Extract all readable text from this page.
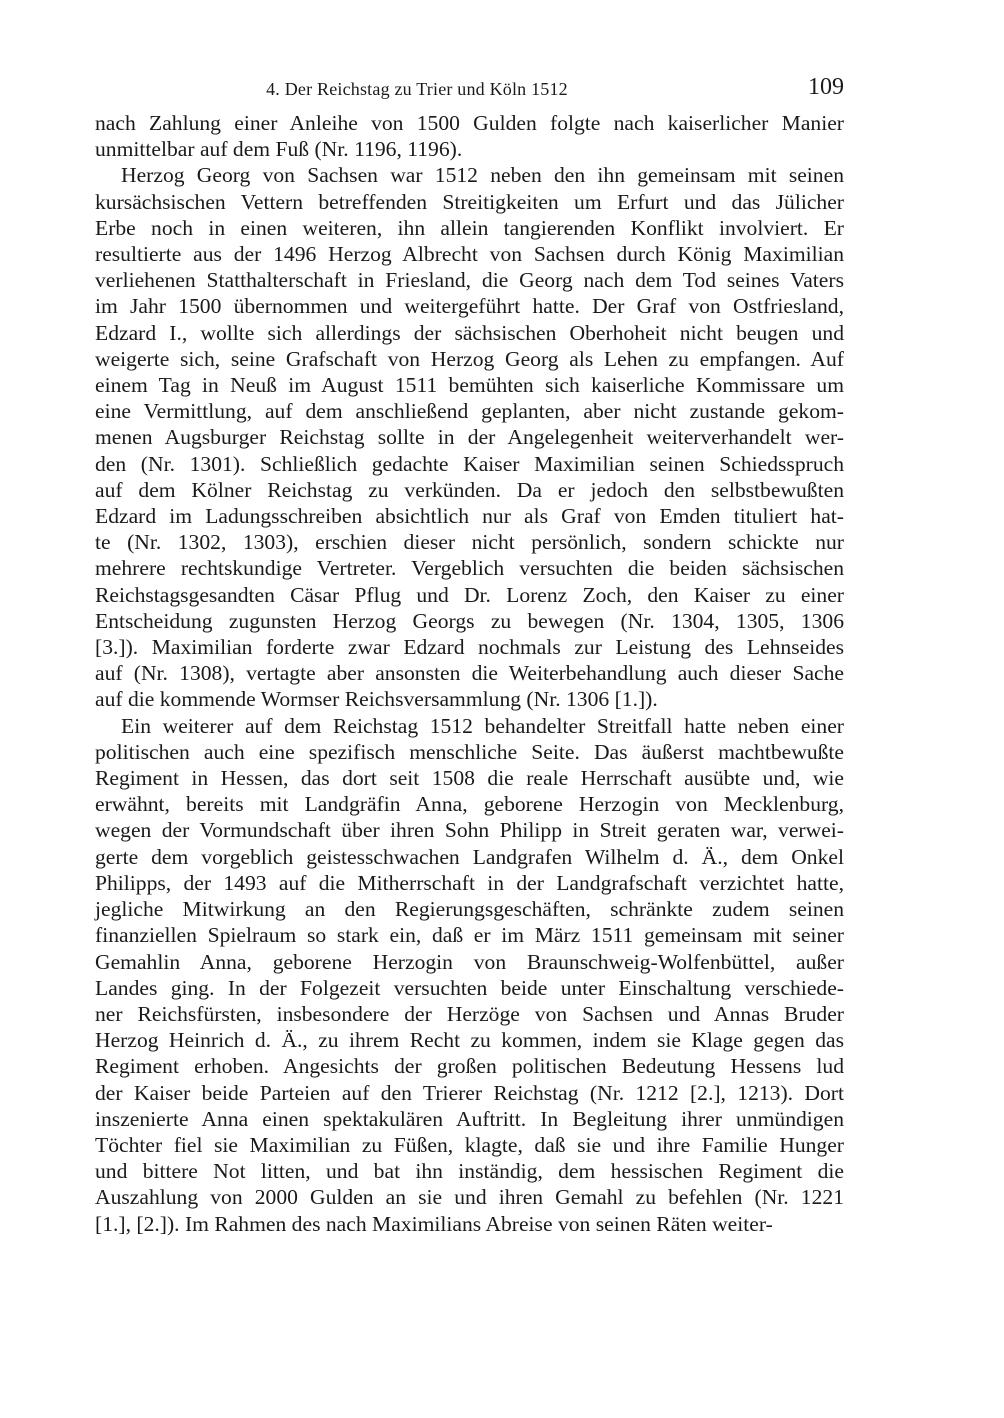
4. Der Reichstag zu Trier und Köln 1512	109
nach Zahlung einer Anleihe von 1500 Gulden folgte nach kaiserlicher Manier
unmittelbar auf dem Fuß (Nr. 1196, 1196).
Herzog Georg von Sachsen war 1512 neben den ihn gemeinsam mit seinen
kursächsischen Vettern betreffenden Streitigkeiten um Erfurt und das Jülicher
Erbe noch in einen weiteren, ihn allein tangierenden Konflikt involviert. Er
resultierte aus der 1496 Herzog Albrecht von Sachsen durch König Maximilian
verliehenen Statthalterschaft in Friesland, die Georg nach dem Tod seines Vaters
im Jahr 1500 übernommen und weitergeführt hatte. Der Graf von Ostfriesland,
Edzard I., wollte sich allerdings der sächsischen Oberhoheit nicht beugen und
weigerte sich, seine Grafschaft von Herzog Georg als Lehen zu empfangen. Auf
einem Tag in Neuß im August 1511 bemühten sich kaiserliche Kommissare um
eine Vermittlung, auf dem anschließend geplanten, aber nicht zustande gekom-
menen Augsburger Reichstag sollte in der Angelegenheit weiterverhandelt wer-
den (Nr. 1301). Schließlich gedachte Kaiser Maximilian seinen Schiedsspruch
auf dem Kölner Reichstag zu verkünden. Da er jedoch den selbstbewußten
Edzard im Ladungsschreiben absichtlich nur als Graf von Emden tituliert hat-
te (Nr. 1302, 1303), erschien dieser nicht persönlich, sondern schickte nur
mehrere rechtskundige Vertreter. Vergeblich versuchten die beiden sächsischen
Reichstagsgesandten Cäsar Pflug und Dr. Lorenz Zoch, den Kaiser zu einer
Entscheidung zugunsten Herzog Georgs zu bewegen (Nr. 1304, 1305, 1306
[3.]). Maximilian forderte zwar Edzard nochmals zur Leistung des Lehnseides
auf (Nr. 1308), vertagte aber ansonsten die Weiterbehandlung auch dieser Sache
auf die kommende Wormser Reichsversammlung (Nr. 1306 [1.]).
Ein weiterer auf dem Reichstag 1512 behandelter Streitfall hatte neben einer
politischen auch eine spezifisch menschliche Seite. Das äußerst machtbewußte
Regiment in Hessen, das dort seit 1508 die reale Herrschaft ausübte und, wie
erwähnt, bereits mit Landgräfin Anna, geborene Herzogin von Mecklenburg,
wegen der Vormundschaft über ihren Sohn Philipp in Streit geraten war, verwei-
gerte dem vorgeblich geistesschwachen Landgrafen Wilhelm d. Ä., dem Onkel
Philipps, der 1493 auf die Mitherrschaft in der Landgrafschaft verzichtet hatte,
jegliche Mitwirkung an den Regierungsgeschäften, schränkte zudem seinen
finanziellen Spielraum so stark ein, daß er im März 1511 gemeinsam mit seiner
Gemahlin Anna, geborene Herzogin von Braunschweig-Wolfenbüttel, außer
Landes ging. In der Folgezeit versuchten beide unter Einschaltung verschiede-
ner Reichsfürsten, insbesondere der Herzöge von Sachsen und Annas Bruder
Herzog Heinrich d. Ä., zu ihrem Recht zu kommen, indem sie Klage gegen das
Regiment erhoben. Angesichts der großen politischen Bedeutung Hessens lud
der Kaiser beide Parteien auf den Trierer Reichstag (Nr. 1212 [2.], 1213). Dort
inszenierte Anna einen spektakulären Auftritt. In Begleitung ihrer unmündigen
Töchter fiel sie Maximilian zu Füßen, klagte, daß sie und ihre Familie Hunger
und bittere Not litten, und bat ihn inständig, dem hessischen Regiment die
Auszahlung von 2000 Gulden an sie und ihren Gemahl zu befehlen (Nr. 1221
[1.], [2.]). Im Rahmen des nach Maximilians Abreise von seinen Räten weiter-
